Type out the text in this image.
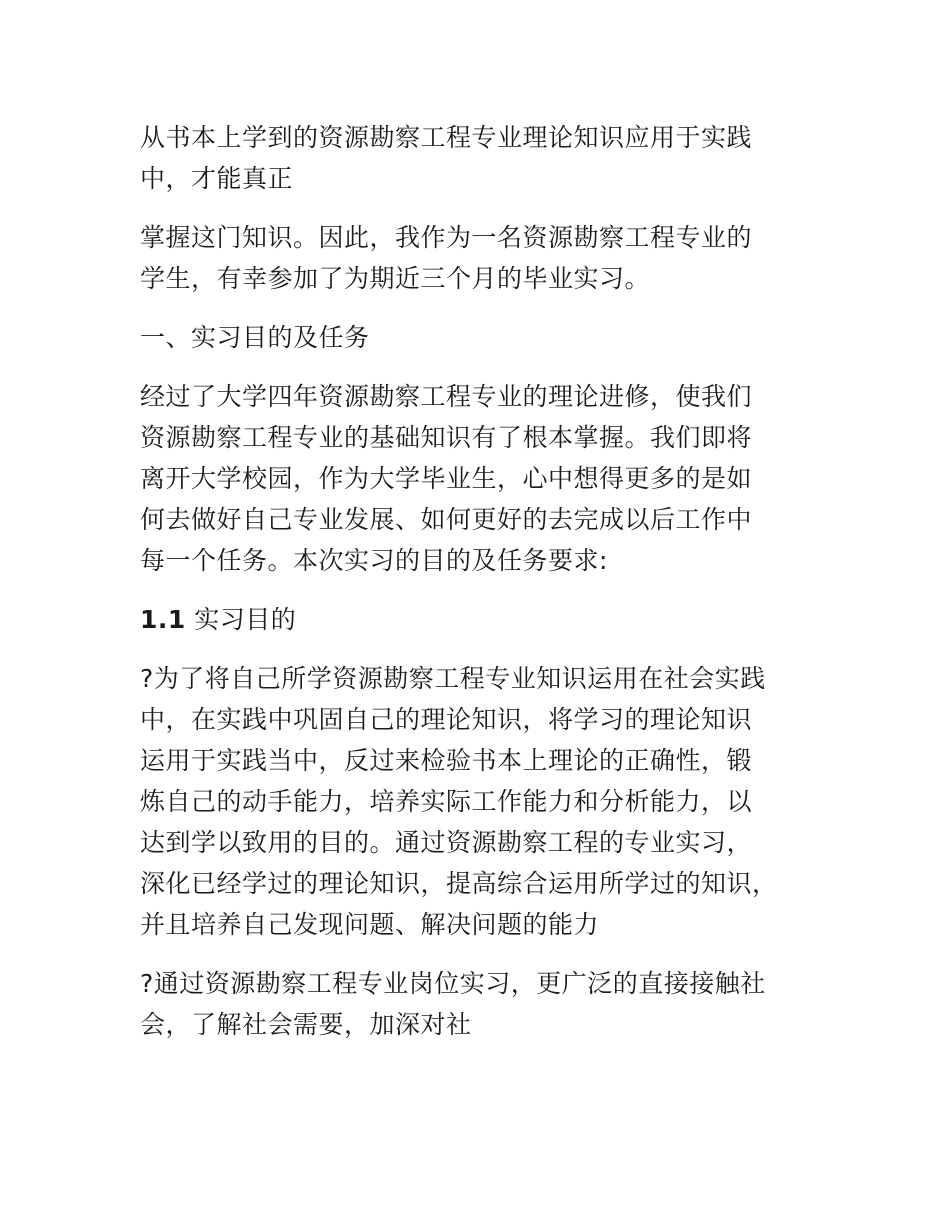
从书本上学到的资源勘察工程专业理论知识应用于实践
中，才能真正

掌握这门知识。因此，我作为一名资源勘察工程专业的
学生，有幸参加了为期近三个月的毕业实习。

一、实习目的及任务

经过了大学四年资源勘察工程专业的理论进修，使我们
资源勘察工程专业的基础知识有了根本掌握。我们即将
离开大学校园，作为大学毕业生，心中想得更多的是如
何去做好自己专业发展、如何更好的去完成以后工作中
每一个任务。本次实习的目的及任务要求:

1.1 实习目的

?为了将自己所学资源勘察工程专业知识运用在社会实践
中，在实践中巩固自己的理论知识，将学习的理论知识
运用于实践当中，反过来检验书本上理论的正确性，锻
炼自己的动手能力，培养实际工作能力和分析能力，以
达到学以致用的目的。通过资源勘察工程的专业实习，
深化已经学过的理论知识，提高综合运用所学过的知识，
并且培养自己发现问题、解决问题的能力

?通过资源勘察工程专业岗位实习，更广泛的直接接触社
会，了解社会需要，加深对社
